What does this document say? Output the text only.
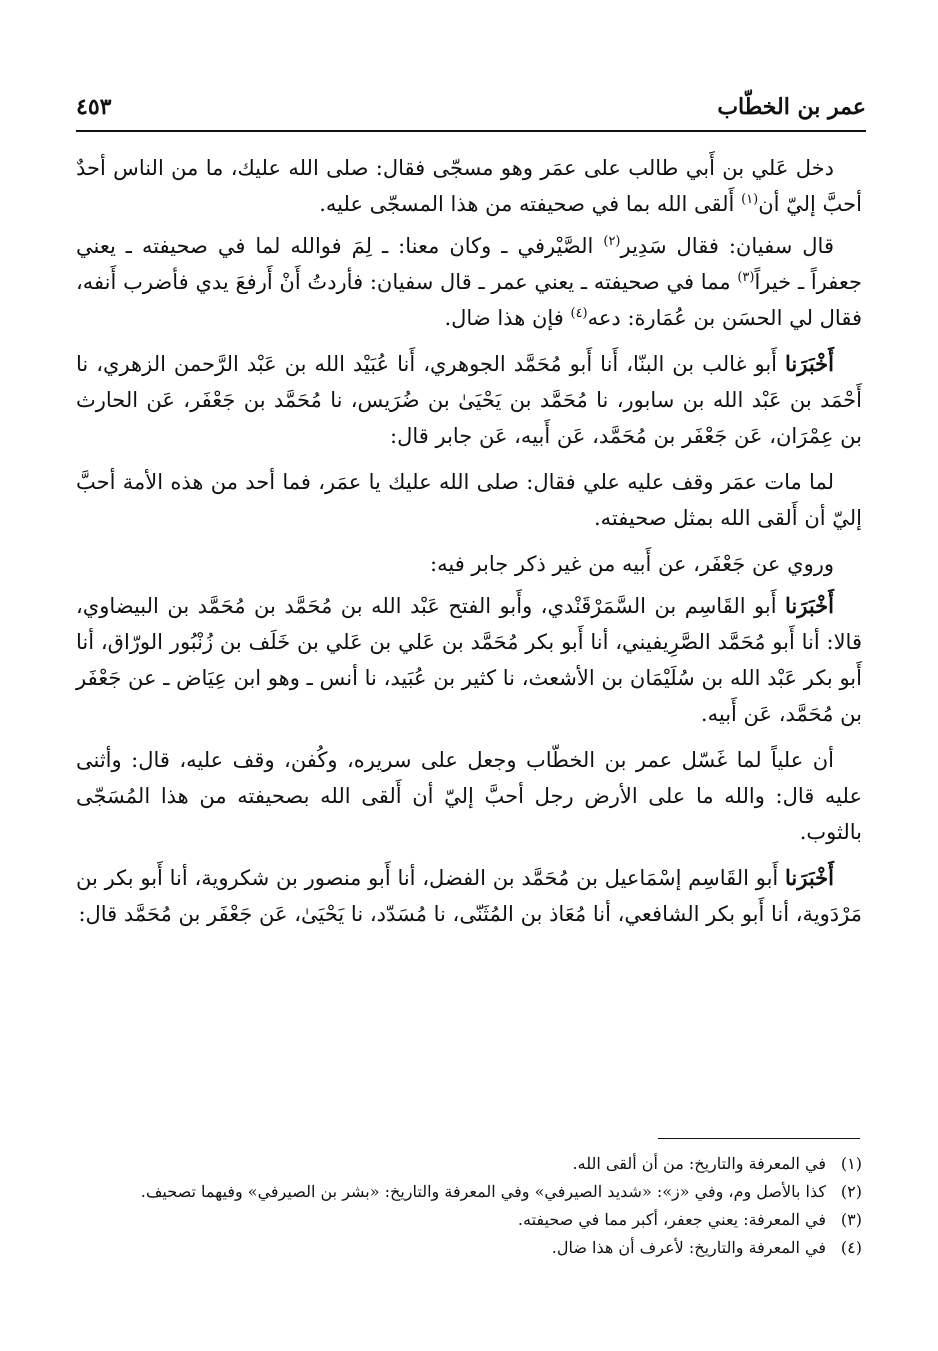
عمر بن الخطّاب
٤٥٣

دخل عَلي بن أَبي طالب على عمَر وهو مسجّى فقال: صلى الله عليك، ما من الناس أحدٌ أحبَّ إليّ أن$^{(١)}$ أَلقى الله بما في صحيفته من هذا المسجّى عليه.

قال سفيان: فقال سَدِير$^{(٢)}$ الصَّيْرفي ـ وكان معنا: ـ لِمَ فوالله لما في صحيفته ـ يعني جعفراً ـ خيراً$^{(٣)}$ مما في صحيفته ـ يعني عمر ـ قال سفيان: فأردتُ أَنْ أَرفعَ يدي فأضرب أَنفه، فقال لي الحسَن بن عُمَارة: دعه$^{(٤)}$ فإن هذا ضال.

أَخْبَرَنا أَبو غالب بن البنّا، أَنا أَبو مُحَمَّد الجوهري، أَنا عُبَيْد الله بن عَبْد الرَّحمن الزهري، نا أَحْمَد بن عَبْد الله بن سابور، نا مُحَمَّد بن يَحْيَىٰ بن ضُرَيس، نا مُحَمَّد بن جَعْفَر، عَن الحارث بن عِمْرَان، عَن جَعْفَر بن مُحَمَّد، عَن أَبيه، عَن جابر قال:

لما مات عمَر وقف عليه علي فقال: صلى الله عليك يا عمَر، فما أحد من هذه الأمة أحبَّ إليّ أن أَلقى الله بمثل صحيفته.

وروي عن جَعْفَر، عن أَبيه من غير ذكر جابر فيه:

أَخْبَرَنا أَبو القَاسِم بن السَّمَرْقَنْدي، وأَبو الفتح عَبْد الله بن مُحَمَّد بن مُحَمَّد بن البيضاوي، قالا: أنا أَبو مُحَمَّد الصَّرِيفيني، أنا أَبو بكر مُحَمَّد بن عَلي بن عَلي بن خَلَف بن زُنْبُور الورّاق، أنا أَبو بكر عَبْد الله بن سُلَيْمَان بن الأشعث، نا كثير بن عُبَيد، نا أنس ـ وهو ابن عِيَاض ـ عن جَعْفَر بن مُحَمَّد، عَن أَبيه.

أن علياً لما غَسّل عمر بن الخطّاب وجعل على سريره، وكُفن، وقف عليه، قال: وأثنى عليه قال: والله ما على الأرض رجل أحبَّ إليّ أن أَلقى الله بصحيفته من هذا المُسَجّى بالثوب.

أَخْبَرَنا أَبو القَاسِم إسْمَاعيل بن مُحَمَّد بن الفضل، أنا أَبو منصور بن شكروية، أنا أَبو بكر بن مَرْدَوية، أنا أَبو بكر الشافعي، أنا مُعَاذ بن المُثَنّى، نا مُسَدّد، نا يَحْيَىٰ، عَن جَعْفَر بن مُحَمَّد قال:

(١)في المعرفة والتاريخ: من أن ألقى الله.

(٢)كذا بالأصل وم، وفي «ز»: «شديد الصيرفي» وفي المعرفة والتاريخ: «بشر بن الصيرفي» وفيهما تصحيف.

(٣)في المعرفة: يعني جعفر، أكبر مما في صحيفته.

(٤)في المعرفة والتاريخ: لأعرف أن هذا ضال.
